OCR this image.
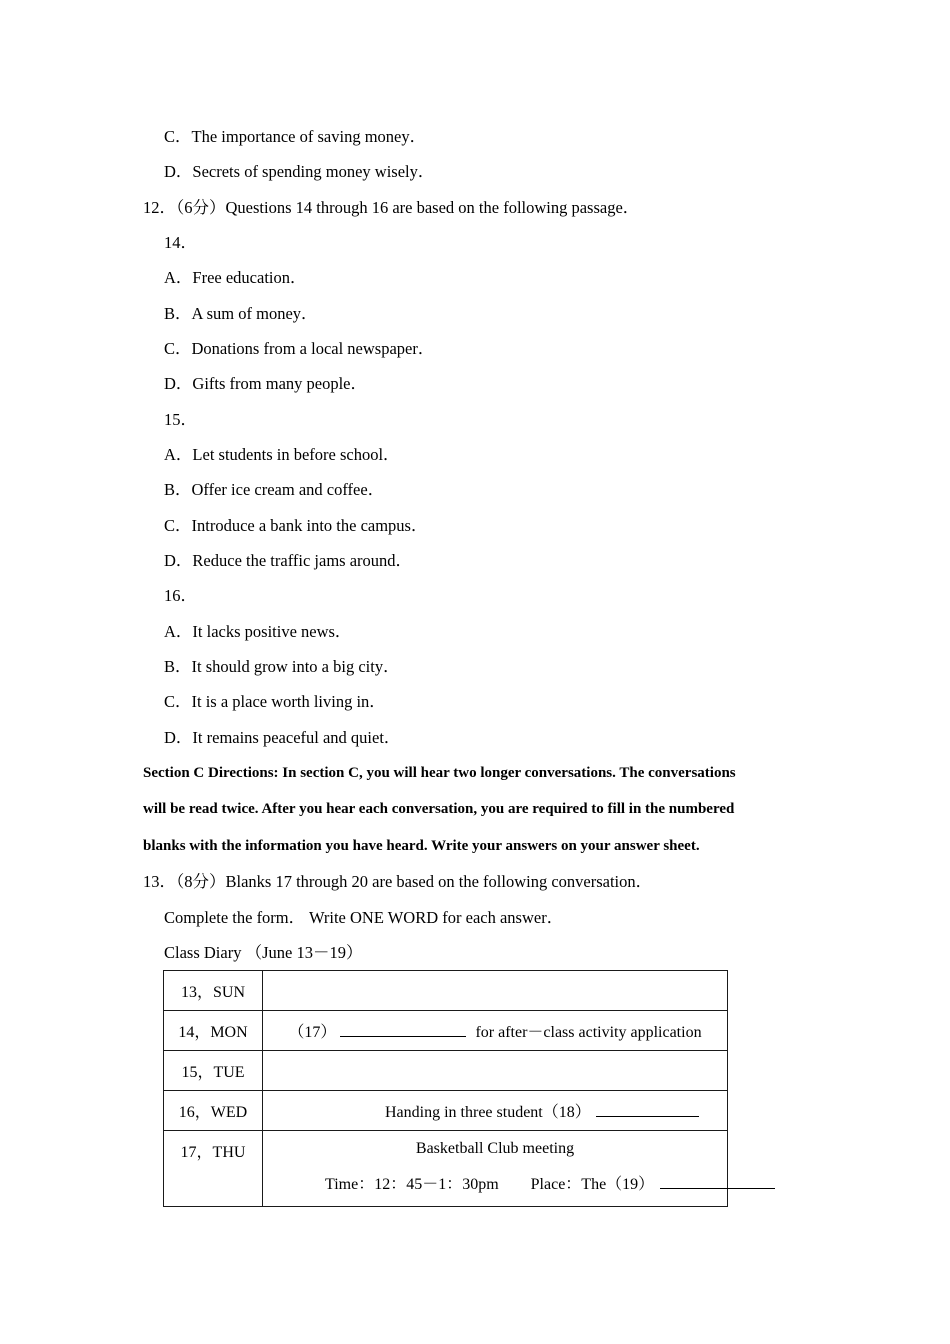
C．The importance of saving money．

D．Secrets of spending money wisely．

12．（6分）Questions 14 through 16 are based on the following passage．

14．

A．Free education．

B．A sum of money．

C．Donations from a local newspaper．

D．Gifts from many people．

15．

A．Let students in before school．

B．Offer ice cream and coffee．

C．Introduce a bank into the campus．

D．Reduce the traffic jams around．

16．

A．It lacks positive news．

B．It should grow into a big city．

C．It is a place worth living in．

D．It remains peaceful and quiet．

Section C Directions: In section C, you will hear two longer conversations. The conversations

will be read twice. After you hear each conversation, you are required to fill in the numbered

blanks with the information you have heard. Write your answers on your answer sheet.

13．（8分）Blanks 17 through 20 are based on the following conversation．

Complete the form． Write ONE WORD for each answer．

Class Diary （June 13－19）

13，SUN	
14，MON	（17） for after－class activity application
15，TUE	
16，WED	Handing in three student（18）

17，THU	Basketball Club meeting
Time：12：45－1：30pm　　Place：The（19）
